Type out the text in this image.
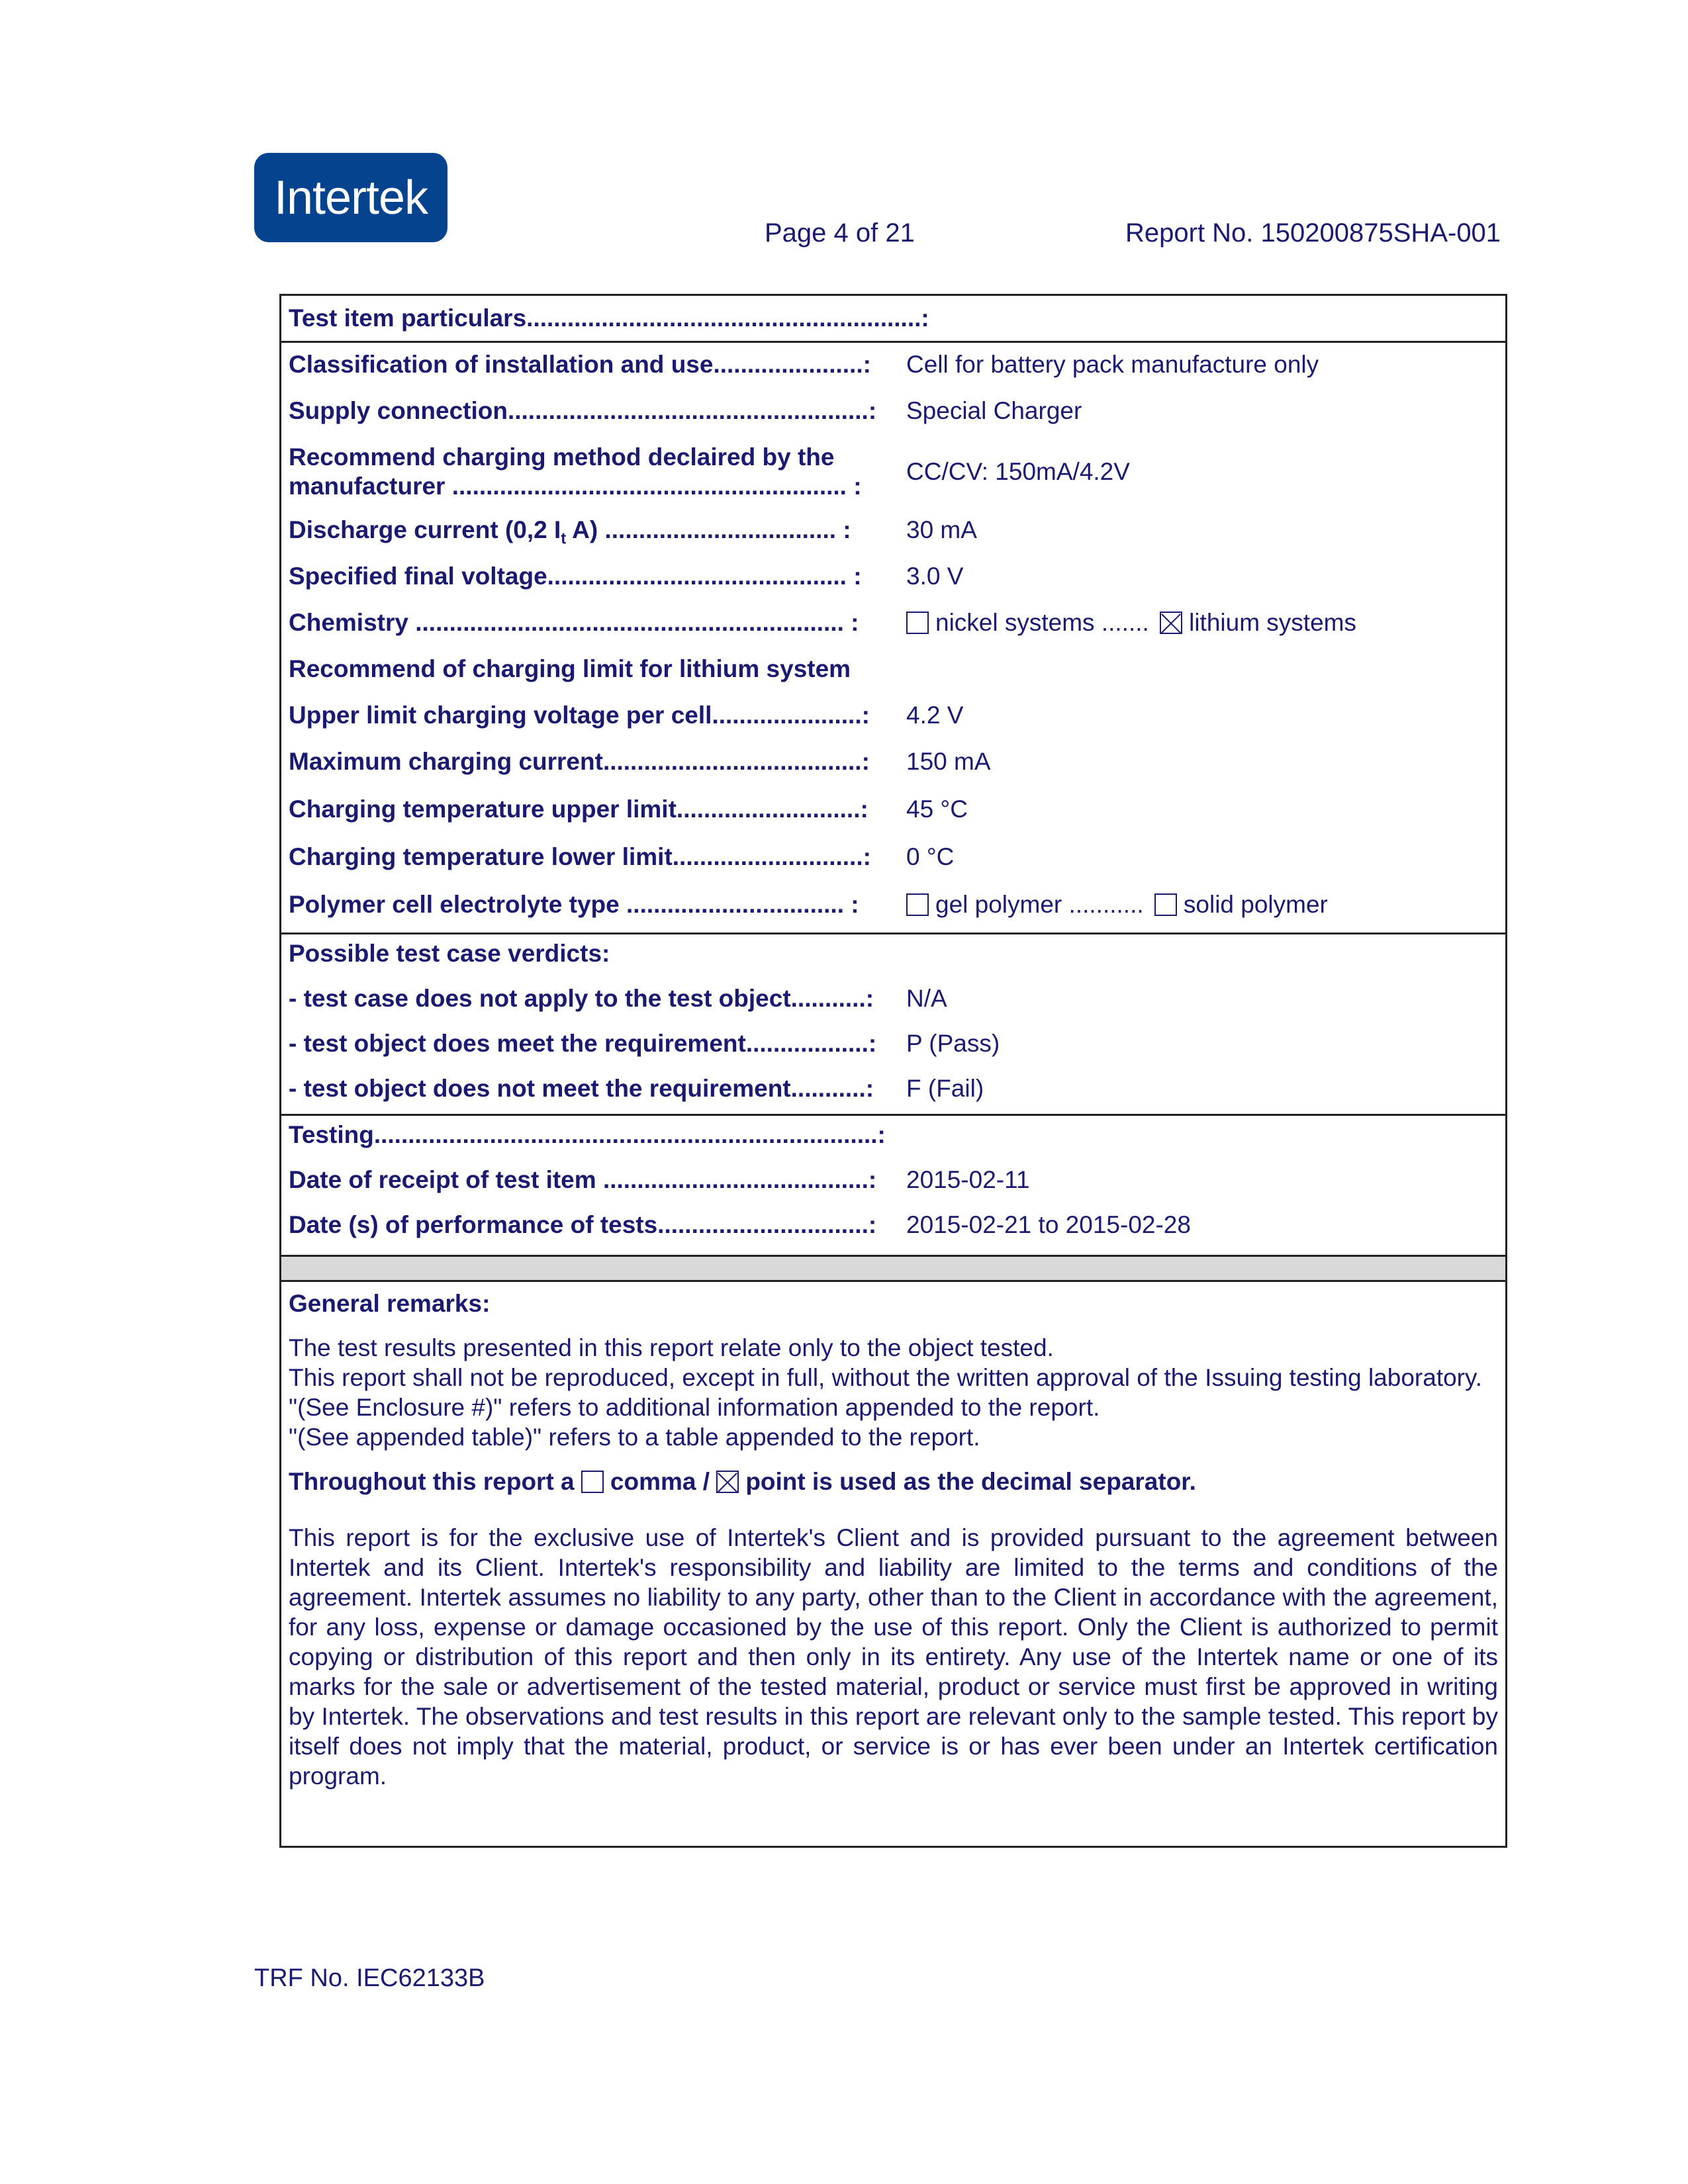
Intertek
Page 4 of 21	Report No. 150200875SHA-001
Test item particulars..........................................................:
Classification of installation and use......................:	Cell for battery pack manufacture only
Supply connection.....................................................:	Special Charger
Recommend charging method declaired by the manufacturer .......................................................... :
CC/CV: 150mA/4.2V
Discharge current (0,2 $I_t$ A) .................................. :	30 mA
Specified final voltage............................................ :	3.0 V
Chemistry ............................................................... :	nickel systems ....... lithium systems
Recommend of charging limit for lithium system
Upper limit charging voltage per cell......................:	4.2 V
Maximum charging current......................................:	150 mA
Charging temperature upper limit...........................:	45 °C
Charging temperature lower limit............................:	0 °C
Polymer cell electrolyte type ................................ :	gel polymer ........... solid polymer
Possible test case verdicts:
- test case does not apply to the test object...........:	N/A
- test object does meet the requirement..................:	P (Pass)
- test object does not meet the requirement...........:	F (Fail)
Testing..........................................................................:
Date of receipt of test item .......................................:	2015-02-11
Date (s) of performance of tests...............................:	2015-02-21 to 2015-02-28

General remarks:

The test results presented in this report relate only to the object tested.

This report shall not be reproduced, except in full, without the written approval of the Issuing testing laboratory.

"(See Enclosure #)" refers to additional information appended to the report.

"(See appended table)" refers to a table appended to the report.

Throughout this report a comma / point is used as the decimal separator.

This report is for the exclusive use of Intertek's Client and is provided pursuant to the agreement between Intertek and its Client. Intertek's responsibility and liability are limited to the terms and conditions of the agreement. Intertek assumes no liability to any party, other than to the Client in accordance with the agreement, for any loss, expense or damage occasioned by the use of this report. Only the Client is authorized to permit copying or distribution of this report and then only in its entirety. Any use of the Intertek name or one of its marks for the sale or advertisement of the tested material, product or service must first be approved in writing by Intertek. The observations and test results in this report are relevant only to the sample tested. This report by itself does not imply that the material, product, or service is or has ever been under an Intertek certification program.

TRF No. IEC62133B
